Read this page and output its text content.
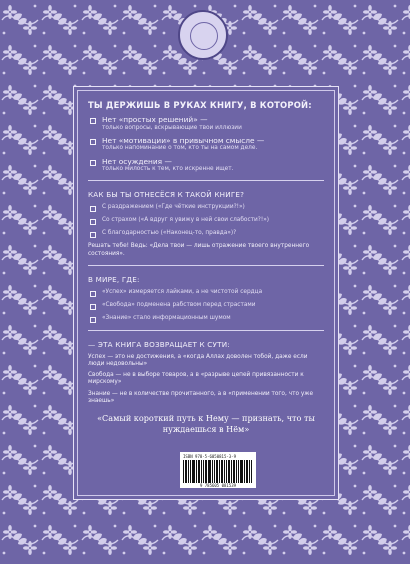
ТЫ ДЕРЖИШЬ В РУКАХ КНИГУ, В КОТОРОЙ:
Нет «простых решений» —
только вопросы, вскрывающие твои иллюзии
Нет «мотивации» в привычном смысле —
только напоминание о том, кто ты на самом деле.
Нет осуждения —
только милость к тем, кто искренне ищет.
КАК БЫ ТЫ ОТНЕСЁСЯ К ТАКОЙ КНИГЕ?
С раздражением («Где чёткие инструкции?!»)
Со страхом («А вдруг я увижу в ней свои слабости?!»)
С благодарностью («Наконец-то, правда»)?
Решать тебе! Ведь: «Дела твои — лишь отражение твоего внутреннего состояния».
В МИРЕ, ГДЕ:
«Успех» измеряется лайками, а не чистотой сердца
«Свобода» подменена рабством перед страстами
«Знание» стало информационным шумом
— ЭТА КНИГА ВОЗВРАЩАЕТ К СУТИ:
Успех — это не достижения, а «когда Аллах доволен тобой, даже если люди недовольны»
Свобода — не в выборе товаров, а в «разрыве цепей привязанности к мирскому»
Знание — не в количестве прочитанного, а в «применении того, что уже знаешь»
«Самый короткий путь к Нему — признать, что ты нуждаешься в Нём»
ISBN 978-5-6050815-3-9
9 785605 081539
